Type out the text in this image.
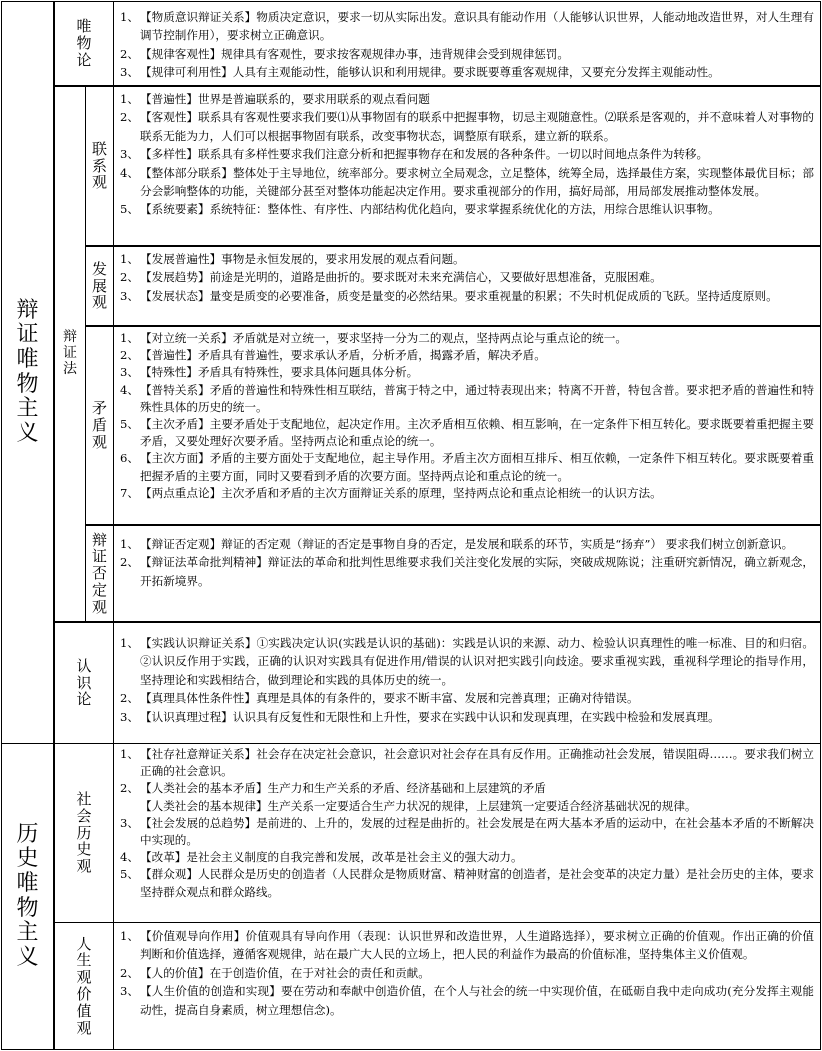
辩
证
唯
物
主
义
历
史
唯
物
主
义
唯
物
论
1、 【物质意识辩证关系】物质决定意识，要求一切从实际出发。意识具有能动作用（人能够认识世界，人能动地改造世界，对人生理有调节控制作用），要求树立正确意识。
2、 【规律客观性】规律具有客观性，要求按客观规律办事，违背规律会受到规律惩罚。
3、 【规律可利用性】人具有主观能动性，能够认识和利用规律。要求既要尊重客观规律，又要充分发挥主观能动性。
辩
证
法
联
系
观
1、 【普遍性】世界是普遍联系的，要求用联系的观点看问题
2、 【客观性】联系具有客观性要求我们要⑴从事物固有的联系中把握事物，切忌主观随意性。⑵联系是客观的，并不意味着人对事物的联系无能为力，人们可以根据事物固有联系，改变事物状态，调整原有联系，建立新的联系。
3、 【多样性】联系具有多样性要求我们注意分析和把握事物存在和发展的各种条件。一切以时间地点条件为转移。
4、 【整体部分联系】整体处于主导地位，统率部分。要求树立全局观念，立足整体，统筹全局，选择最佳方案，实现整体最优目标；部分会影响整体的功能，关键部分甚至对整体功能起决定作用。要求重视部分的作用，搞好局部，用局部发展推动整体发展。
5、 【系统要素】系统特征：整体性、有序性、内部结构优化趋向，要求掌握系统优化的方法，用综合思维认识事物。
发
展
观
1、 【发展普遍性】事物是永恒发展的，要求用发展的观点看问题。
2、 【发展趋势】前途是光明的，道路是曲折的。要求既对未来充满信心，又要做好思想准备，克服困难。
3、 【发展状态】量变是质变的必要准备，质变是量变的必然结果。要求重视量的积累；不失时机促成质的飞跃。坚持适度原则。
矛
盾
观
1、 【对立统一关系】矛盾就是对立统一，要求坚持一分为二的观点，坚持两点论与重点论的统一。
2、 【普遍性】矛盾具有普遍性，要求承认矛盾，分析矛盾，揭露矛盾，解决矛盾。
3、 【特殊性】矛盾具有特殊性，要求具体问题具体分析。
4、 【普特关系】矛盾的普遍性和特殊性相互联结，普寓于特之中，通过特表现出来；特离不开普，特包含普。要求把矛盾的普遍性和特殊性具体的历史的统一。
5、 【主次矛盾】主要矛盾处于支配地位，起决定作用。主次矛盾相互依赖、相互影响，在一定条件下相互转化。要求既要着重把握主要矛盾，又要处理好次要矛盾。坚持两点论和重点论的统一。
6、 【主次方面】矛盾的主要方面处于支配地位，起主导作用。矛盾主次方面相互排斥、相互依赖，一定条件下相互转化。要求既要着重把握矛盾的主要方面，同时又要看到矛盾的次要方面。坚持两点论和重点论的统一。
7、 【两点重点论】主次矛盾和矛盾的主次方面辩证关系的原理，坚持两点论和重点论相统一的认识方法。
辩
证
否
定
观
1、 【辩证否定观】辩证的否定观（辩证的否定是事物自身的否定，是发展和联系的环节，实质是“扬弃”） 要求我们树立创新意识。
2、 【辩证法革命批判精神】辩证法的革命和批判性思维要求我们关注变化发展的实际，突破成规陈说；注重研究新情况，确立新观念，开拓新境界。
认
识
论
1、 【实践认识辩证关系】①实践决定认识(实践是认识的基础)：实践是认识的来源、动力、检验认识真理性的唯一标准、目的和归宿。②认识反作用于实践，正确的认识对实践具有促进作用/错误的认识对把实践引向歧途。要求重视实践，重视科学理论的指导作用，坚持理论和实践相结合，做到理论和实践的具体历史的统一。
2、 【真理具体性条件性】真理是具体的有条件的，要求不断丰富、发展和完善真理；正确对待错误。
3、 【认识真理过程】认识具有反复性和无限性和上升性，要求在实践中认识和发现真理，在实践中检验和发展真理。
社
会
历
史
观
1、 【社存社意辩证关系】社会存在决定社会意识，社会意识对社会存在具有反作用。正确推动社会发展，错误阻碍……。要求我们树立正确的社会意识。
2、 【人类社会的基本矛盾】生产力和生产关系的矛盾、经济基础和上层建筑的矛盾
【人类社会的基本规律】生产关系一定要适合生产力状况的规律，上层建筑一定要适合经济基础状况的规律。
3、 【社会发展的总趋势】是前进的、上升的，发展的过程是曲折的。社会发展是在两大基本矛盾的运动中，在社会基本矛盾的不断解决中实现的。
4、 【改革】是社会主义制度的自我完善和发展，改革是社会主义的强大动力。
5、 【群众观】人民群众是历史的创造者（人民群众是物质财富、精神财富的创造者，是社会变革的决定力量）是社会历史的主体，要求坚持群众观点和群众路线。
人
生
观
价
值
观
1、 【价值观导向作用】价值观具有导向作用（表现：认识世界和改造世界，人生道路选择），要求树立正确的价值观。作出正确的价值判断和价值选择，遵循客观规律，站在最广大人民的立场上，把人民的利益作为最高的价值标准，坚持集体主义价值观。
2、 【人的价值】在于创造价值，在于对社会的责任和贡献。
3、 【人生价值的创造和实现】要在劳动和奉献中创造价值，在个人与社会的统一中实现价值，在砥砺自我中走向成功(充分发挥主观能动性，提高自身素质，树立理想信念)。
